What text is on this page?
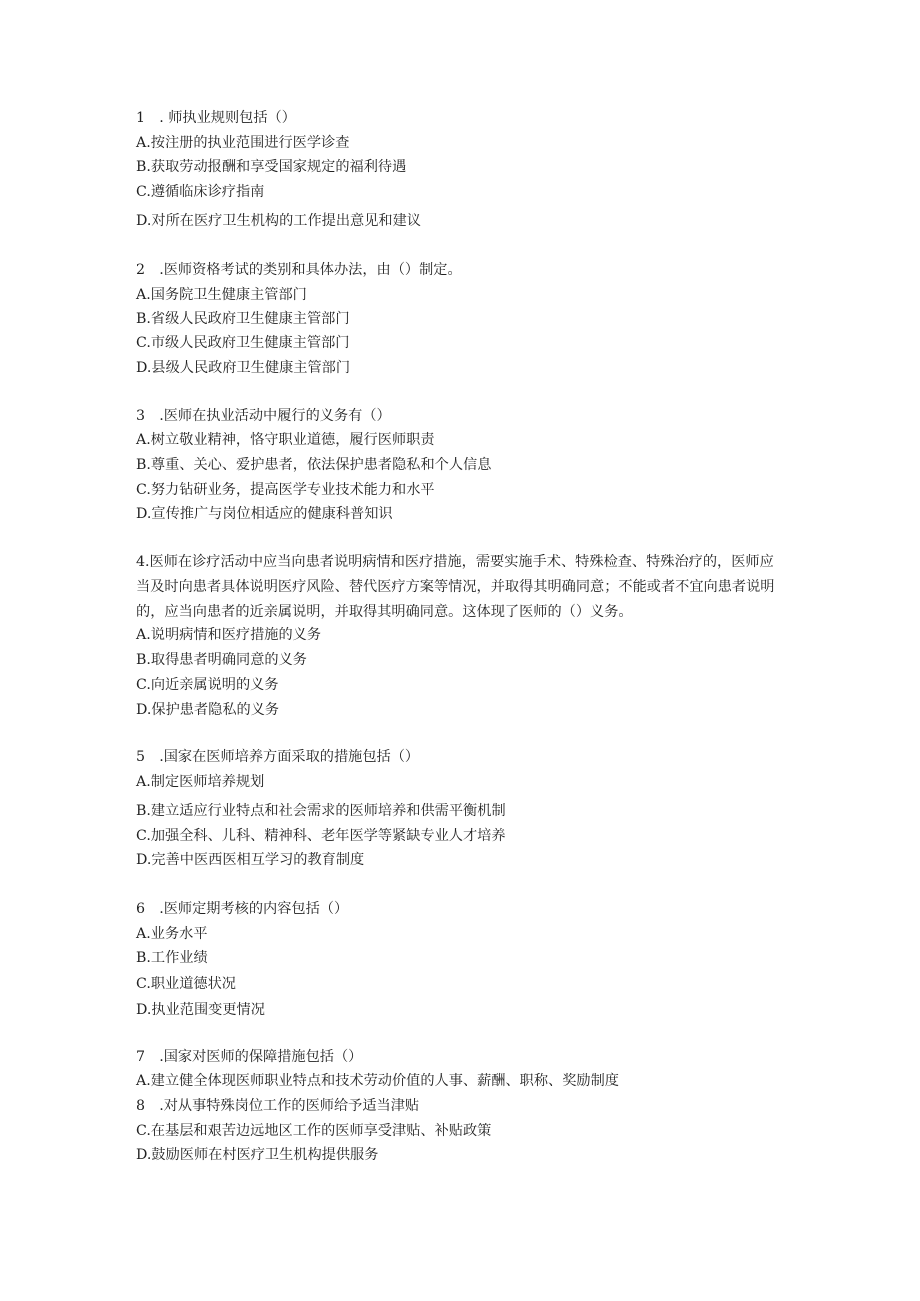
1　. 师执业规则包括（）
A.按注册的执业范围进行医学诊查
B.获取劳动报酬和享受国家规定的福利待遇
C.遵循临床诊疗指南
D.对所在医疗卫生机构的工作提出意见和建议
2　.医师资格考试的类别和具体办法，由（）制定。
A.国务院卫生健康主管部门
B.省级人民政府卫生健康主管部门
C.市级人民政府卫生健康主管部门
D.县级人民政府卫生健康主管部门
3　.医师在执业活动中履行的义务有（）
A.树立敬业精神，恪守职业道德，履行医师职责
B.尊重、关心、爱护患者，依法保护患者隐私和个人信息
C.努力钻研业务，提高医学专业技术能力和水平
D.宣传推广与岗位相适应的健康科普知识
4.医师在诊疗活动中应当向患者说明病情和医疗措施，需要实施手术、特殊检查、特殊治疗的，医师应当及时向患者具体说明医疗风险、替代医疗方案等情况，并取得其明确同意；不能或者不宜向患者说明的，应当向患者的近亲属说明，并取得其明确同意。这体现了医师的（）义务。
A.说明病情和医疗措施的义务
B.取得患者明确同意的义务
C.向近亲属说明的义务
D.保护患者隐私的义务
5　.国家在医师培养方面采取的措施包括（）
A.制定医师培养规划
B.建立适应行业特点和社会需求的医师培养和供需平衡机制
C.加强全科、儿科、精神科、老年医学等紧缺专业人才培养
D.完善中医西医相互学习的教育制度
6　.医师定期考核的内容包括（）
A.业务水平
B.工作业绩
C.职业道德状况
D.执业范围变更情况
7　.国家对医师的保障措施包括（）
A.建立健全体现医师职业特点和技术劳动价值的人事、薪酬、职称、奖励制度
8　.对从事特殊岗位工作的医师给予适当津贴
C.在基层和艰苦边远地区工作的医师享受津贴、补贴政策
D.鼓励医师在村医疗卫生机构提供服务
